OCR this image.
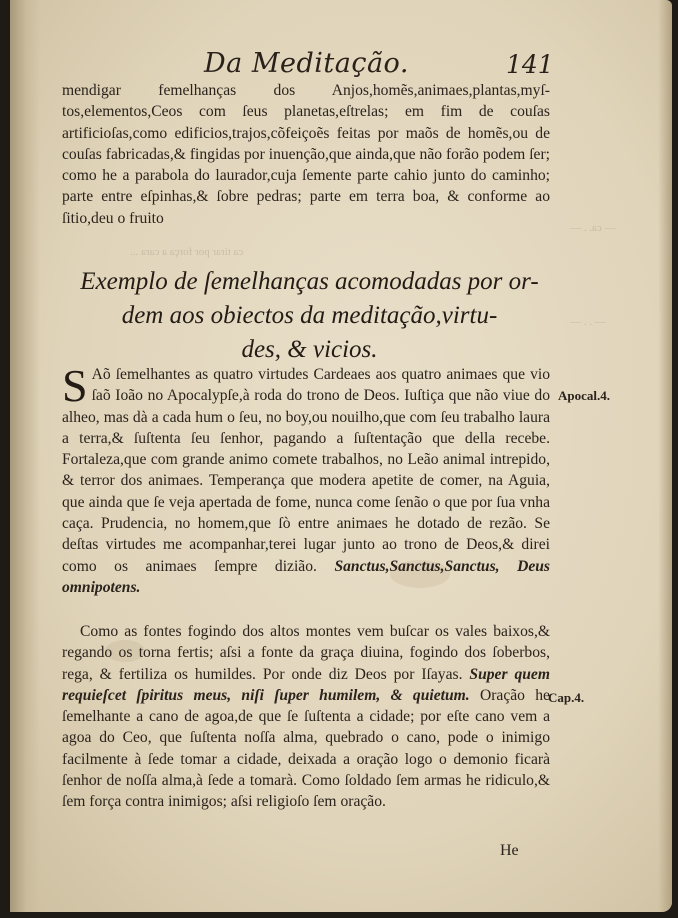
ca tirar por força a cara ...
— ca. . —
— . . —
Da Meditação.	141
mendigar femelhanças dos Anjos,homẽs,animaes,plantas,myſ-tos,elementos,Ceos com ſeus planetas,eſtrelas; em fim de couſas artificioſas,como edificios,trajos,cõfeiçoẽs feitas por maõs de homẽs,ou de couſas fabricadas,& fingidas por inuenção,que ainda,que não forão podem ſer; como he a parabola do laurador,cuja ſemente parte cahio junto do caminho; parte entre eſpinhas,& ſobre pedras; parte em terra boa, & conforme ao ſitio,deu o fruito
Exemplo de ſemelhanças acomodadas por or-
dem aos obiectos da meditação,virtu-
des, & vicios.
S Aõ ſemelhantes as quatro virtudes Cardeaes aos quatro animaes que vio ſaõ Ioão no Apocalypſe,à roda do trono de Deos. Iuſtiça que não viue do alheo, mas dà a cada hum o ſeu, no boy,ou nouilho,que com ſeu trabalho laura a terra,& ſuſtenta ſeu ſenhor, pagando a ſuſtentação que della recebe. Fortaleza,que com grande animo comete trabalhos, no Leão animal intrepido, & terror dos animaes. Temperança que modera apetite de comer, na Aguia, que ainda que ſe veja apertada de fome, nunca come ſenão o que por ſua vnha caça. Prudencia, no homem,que ſò entre animaes he dotado de rezão. Se deſtas virtudes me acompanhar,terei lugar junto ao trono de Deos,& direi como os animaes ſempre dizião. Sanctus,Sanctus,Sanctus, Deus omnipotens.
Como as fontes fogindo dos altos montes vem buſcar os vales baixos,& regando os torna fertis; aſsi a fonte da graça diuina, fogindo dos ſoberbos, rega, & fertiliza os humildes. Por onde diz Deos por Iſayas. Super quem requieſcet ſpiritus meus, niſi ſuper humilem, & quietum. Oração he ſemelhante a cano de agoa,de que ſe ſuſtenta a cidade; por eſte cano vem a agoa do Ceo, que ſuſtenta noſſa alma, quebrado o cano, pode o inimigo facilmente à ſede tomar a cidade, deixada a oração logo o demonio ficarà ſenhor de noſſa alma,à ſede a tomarà. Como ſoldado ſem armas he ridiculo,& ſem força contra inimigos; aſsi religioſo ſem oração.
Apocal.4.
Cap.4.
He
